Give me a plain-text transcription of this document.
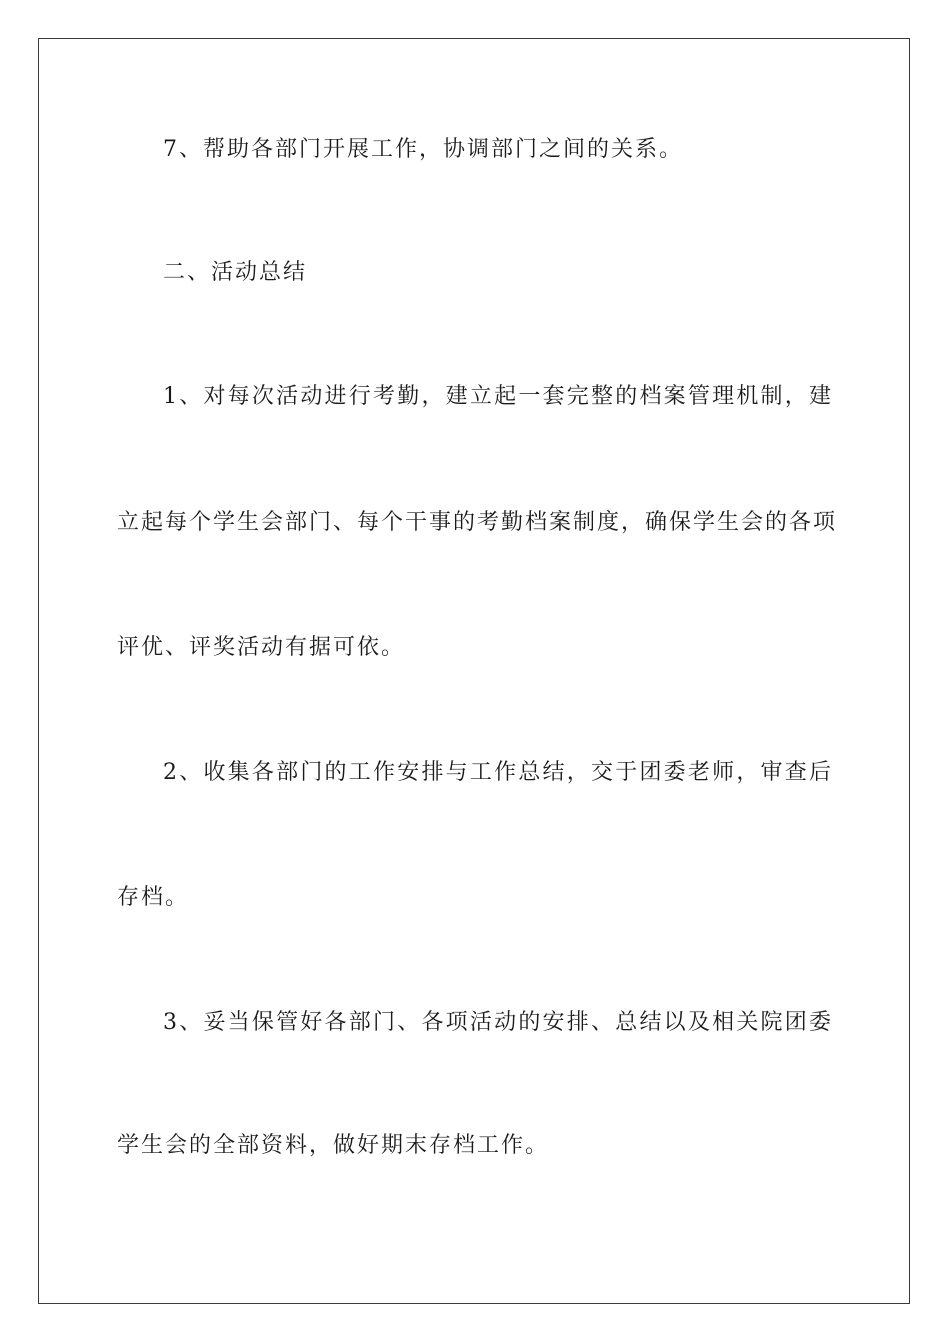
7、帮助各部门开展工作，协调部门之间的关系。
二、活动总结
1、对每次活动进行考勤，建立起一套完整的档案管理机制，建
立起每个学生会部门、每个干事的考勤档案制度，确保学生会的各项
评优、评奖活动有据可依。
2、收集各部门的工作安排与工作总结，交于团委老师，审查后
存档。
3、妥当保管好各部门、各项活动的安排、总结以及相关院团委
学生会的全部资料，做好期末存档工作。
